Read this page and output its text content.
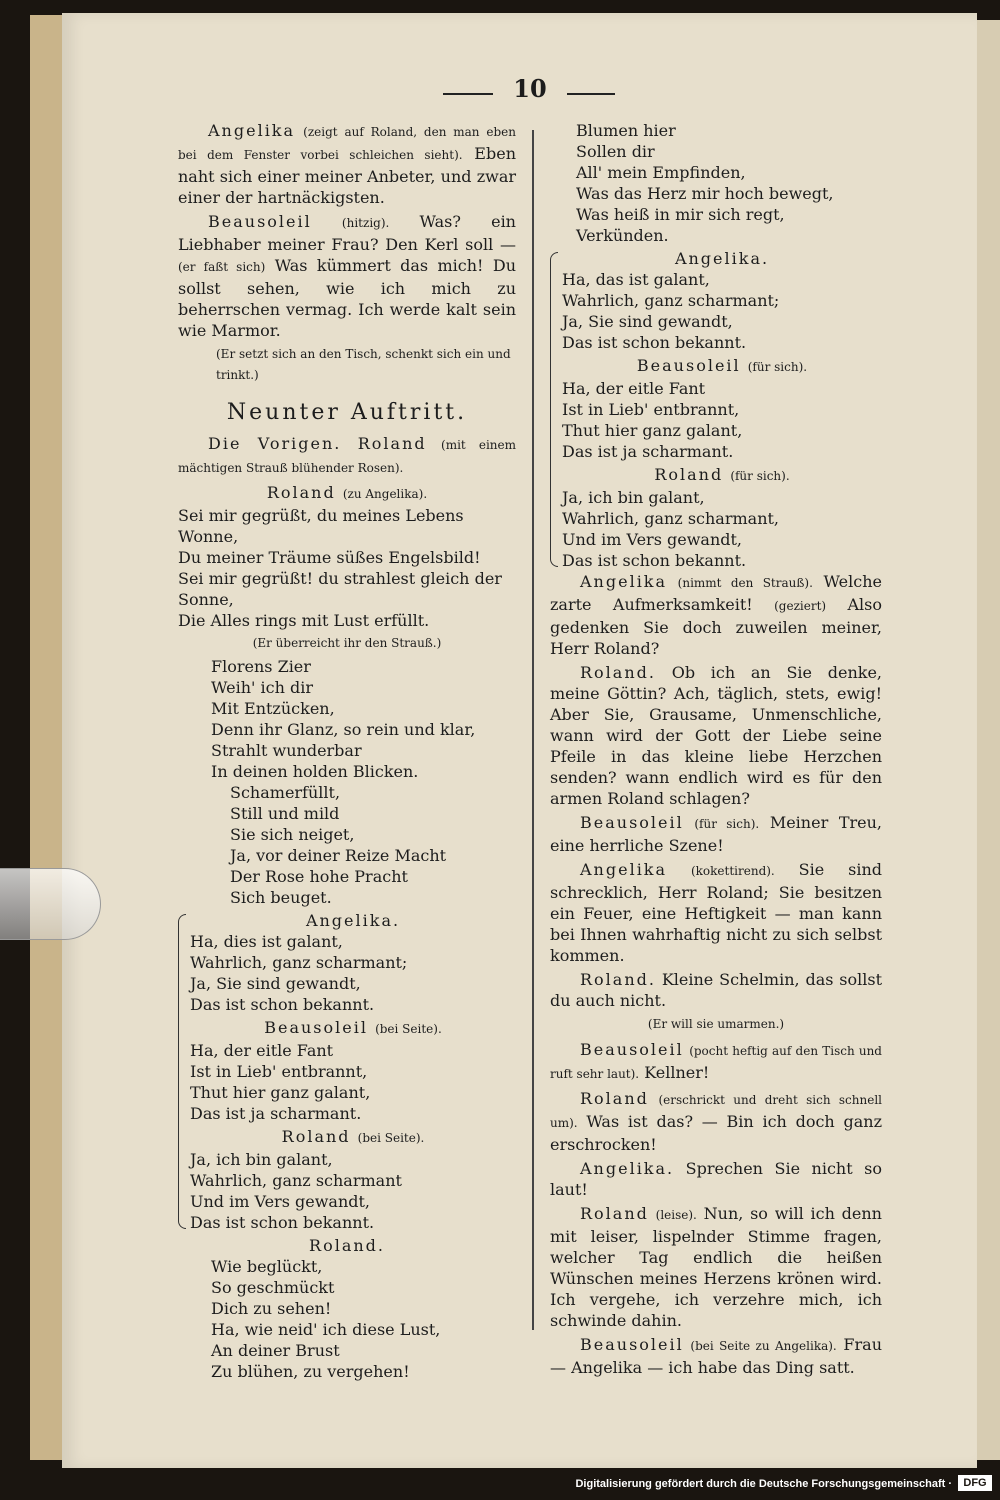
10

Angelika (zeigt auf Roland, den man eben bei dem Fenster vorbei schleichen sieht). Eben naht sich einer meiner Anbeter, und zwar einer der hartnäckigsten.

Beausoleil	(hitzig). Was? ein Liebhaber meiner Frau? Den Kerl soll — (er faßt sich) Was kümmert das mich! Du sollst sehen, wie ich mich zu beherrschen vermag. Ich werde kalt sein wie Marmor.

(Er setzt sich an den Tisch, schenkt sich ein und trinkt.)

Neunter Auftritt.

Die Vorigen. Roland (mit einem mächtigen Strauß blühender Rosen).

Roland (zu Angelika).

Sei mir gegrüßt, du meines Lebens Wonne,

Du meiner Träume süßes Engelsbild!

Sei mir gegrüßt! du strahlest gleich der Sonne,

Die Alles rings mit Lust erfüllt.

(Er überreicht ihr den Strauß.)

Florens Zier

Weih' ich dir

Mit Entzücken,

Denn ihr Glanz, so rein und klar,

Strahlt wunderbar

In deinen holden Blicken.

Schamerfüllt,

Still und mild

Sie sich neiget,

Ja, vor deiner Reize Macht

Der Rose hohe Pracht

Sich beuget.

Angelika.

Ha, dies ist galant,

Wahrlich, ganz scharmant;

Ja, Sie sind gewandt,

Das ist schon bekannt.

Beausoleil (bei Seite).

Ha, der eitle Fant

Ist in Lieb' entbrannt,

Thut hier ganz galant,

Das ist ja scharmant.

Roland (bei Seite).

Ja, ich bin galant,

Wahrlich, ganz scharmant

Und im Vers gewandt,

Das ist schon bekannt.

Roland.

Wie beglückt,

So geschmückt

Dich zu sehen!

Ha, wie neid' ich diese Lust,

An deiner Brust

Zu blühen, zu vergehen!

Blumen hier

Sollen dir

All' mein Empfinden,

Was das Herz mir hoch bewegt,

Was heiß in mir sich regt,

Verkünden.

Angelika.

Ha, das ist galant,

Wahrlich, ganz scharmant;

Ja, Sie sind gewandt,

Das ist schon bekannt.

Beausoleil (für sich).

Ha, der eitle Fant

Ist in Lieb' entbrannt,

Thut hier ganz galant,

Das ist ja scharmant.

Roland (für sich).

Ja, ich bin galant,

Wahrlich, ganz scharmant,

Und im Vers gewandt,

Das ist schon bekannt.

Angelika (nimmt den Strauß). Welche zarte Aufmerksamkeit! (geziert) Also gedenken Sie doch zuweilen meiner, Herr Roland?

Roland. Ob ich an Sie denke, meine Göttin? Ach, täglich, stets, ewig! Aber Sie, Grausame, Unmenschliche, wann wird der Gott der Liebe seine Pfeile in das kleine liebe Herzchen senden? wann endlich wird es für den armen Roland schlagen?

Beausoleil (für sich). Meiner Treu, eine herrliche Szene!

Angelika (kokettirend). Sie sind schrecklich, Herr Roland; Sie besitzen ein Feuer, eine Heftigkeit — man kann bei Ihnen wahrhaftig nicht zu sich selbst kommen.

Roland. Kleine Schelmin, das sollst du auch nicht.

(Er will sie umarmen.)

Beausoleil (pocht heftig auf den Tisch und ruft sehr laut). Kellner!

Roland (erschrickt und dreht sich schnell um). Was ist das? — Bin ich doch ganz erschrocken!

Angelika. Sprechen Sie nicht so laut!

Roland (leise). Nun, so will ich denn mit leiser, lispelnder Stimme fragen, welcher Tag endlich die heißen Wünschen meines Herzens krönen wird. Ich vergehe, ich verzehre mich, ich schwinde dahin.

Beausoleil (bei Seite zu Angelika). Frau — Angelika — ich habe das Ding satt.

Digitalisierung gefördert durch die Deutsche Forschungsgemeinschaft ·	DFG
